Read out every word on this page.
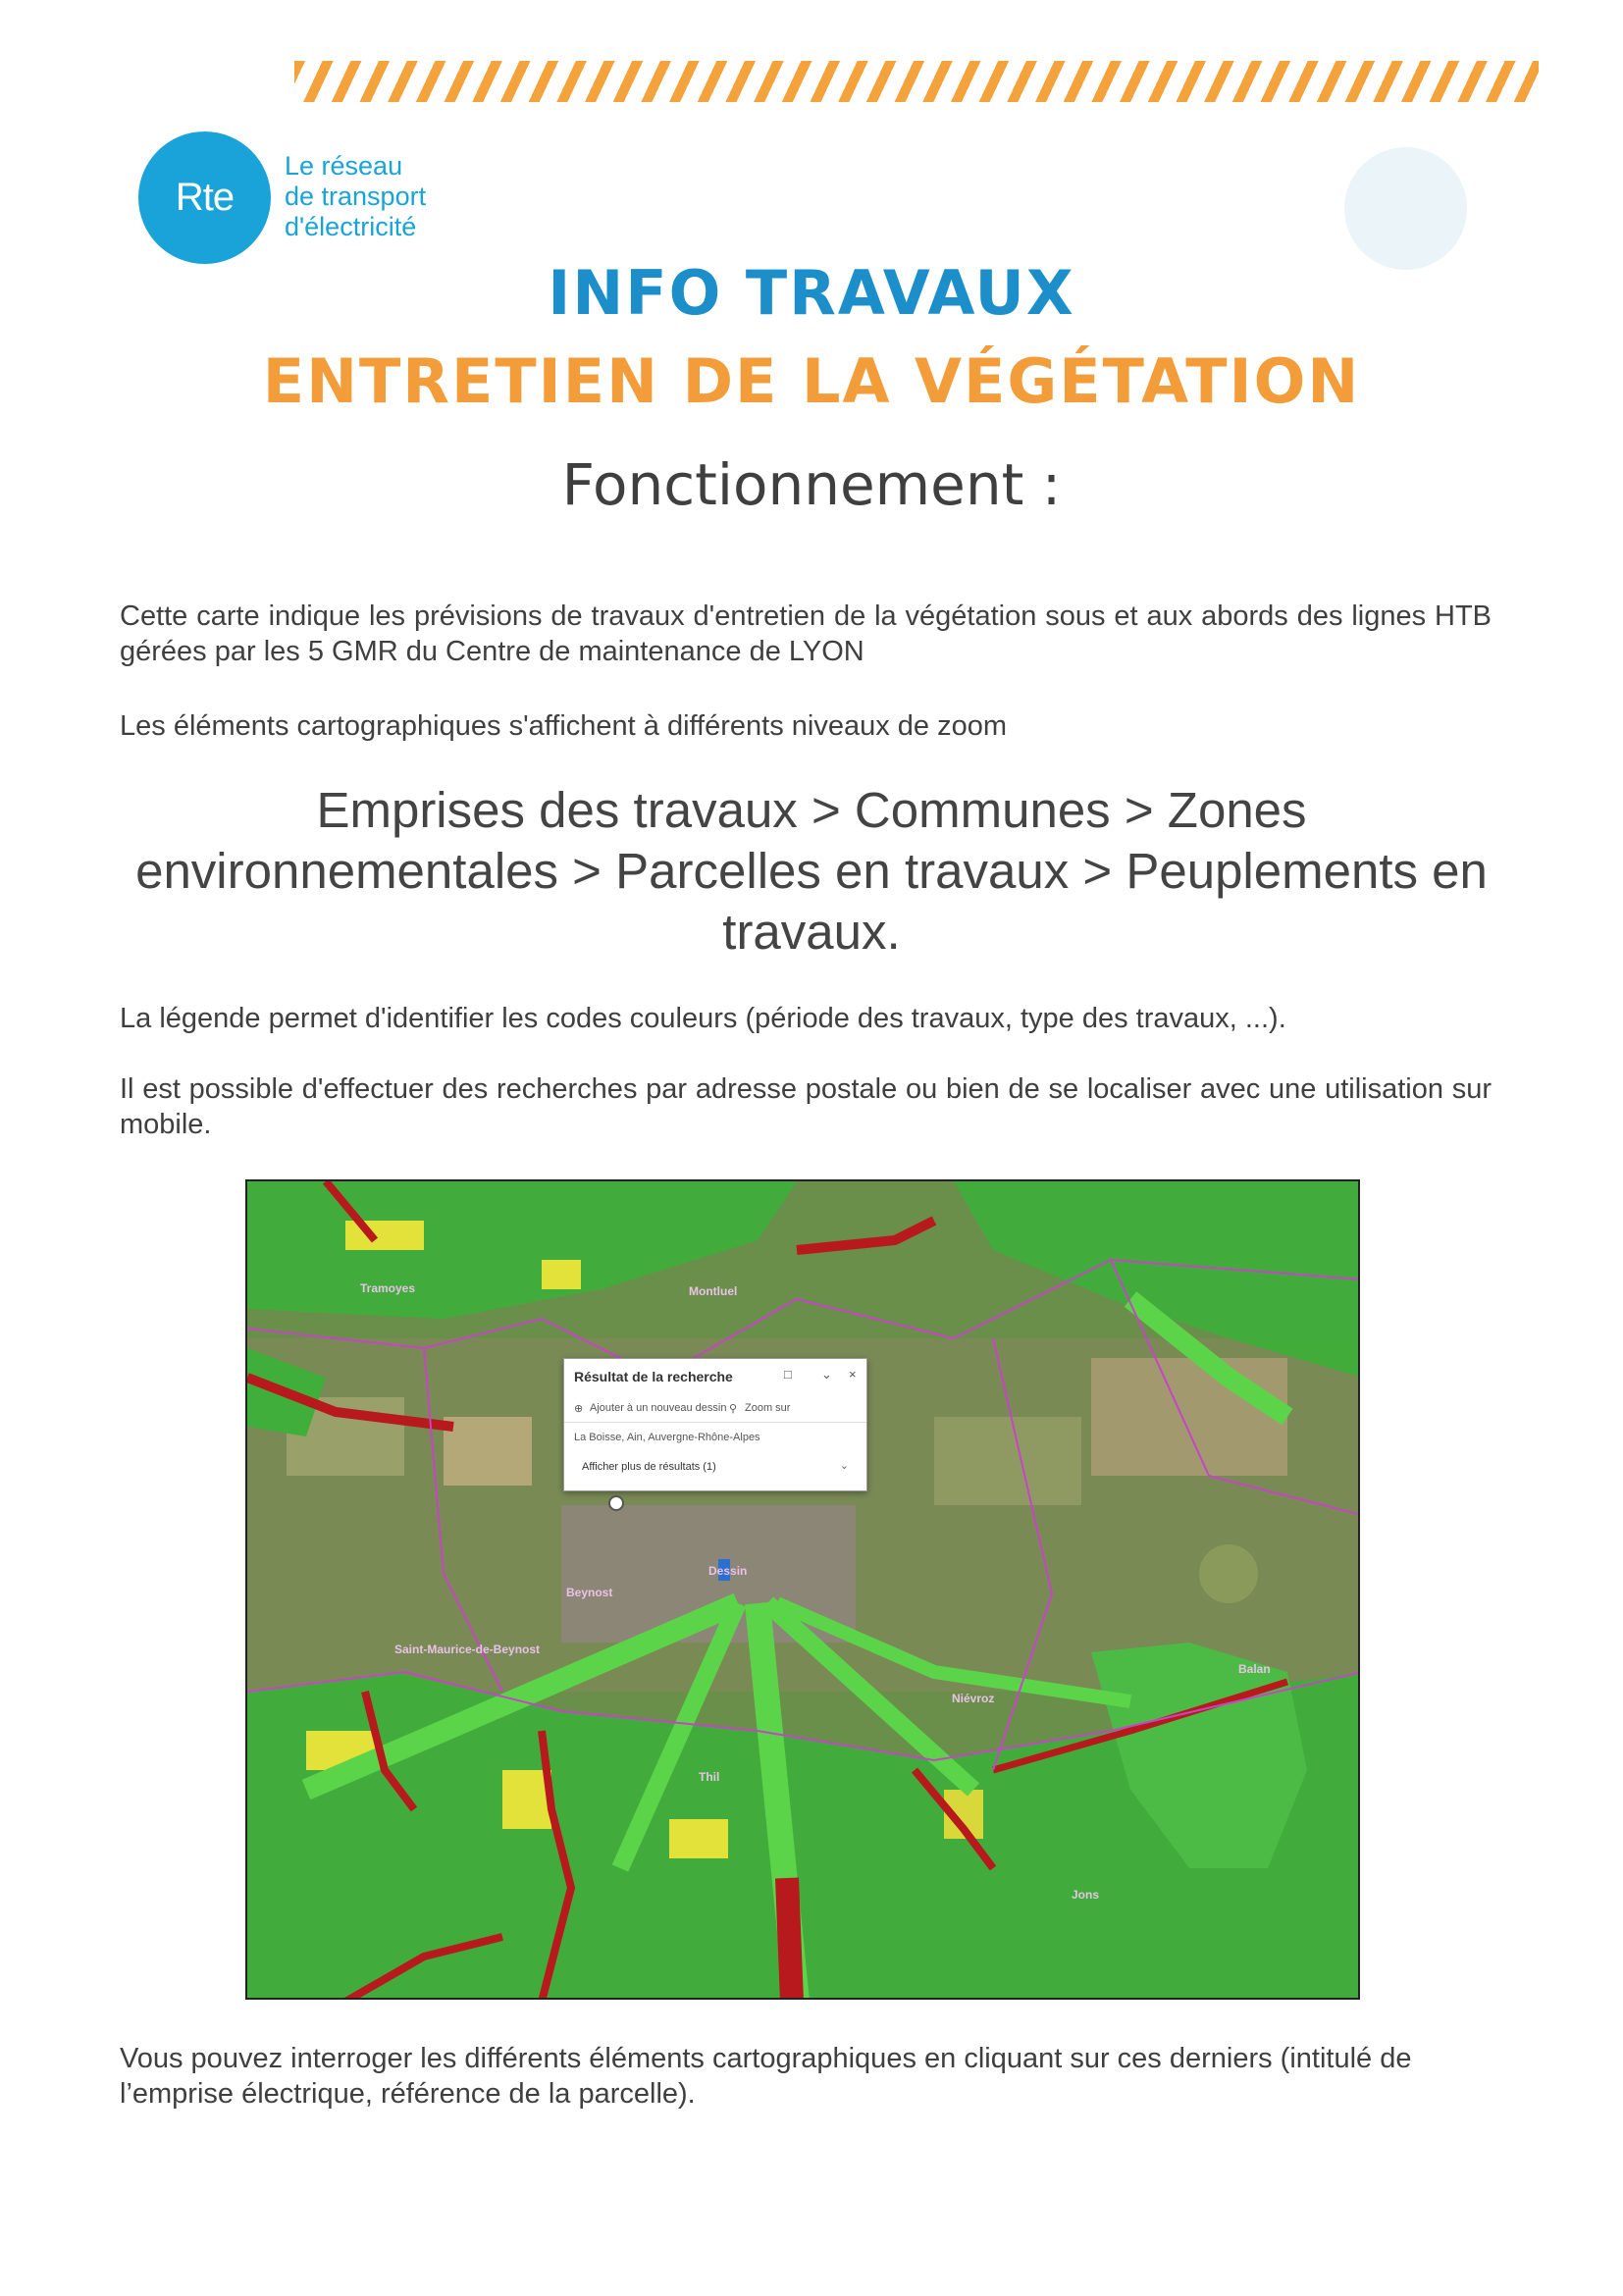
Rte
Le réseau
de transport
d'électricité
INFO TRAVAUX
ENTRETIEN DE LA VÉGÉTATION
Fonctionnement :
Cette carte indique les prévisions de travaux d'entretien de la végétation sous et aux abords des lignes HTB gérées par les 5 GMR du Centre de maintenance de LYON
Les éléments cartographiques s'affichent à différents niveaux de zoom
Emprises des travaux > Communes > Zones environnementales > Parcelles en travaux > Peuplements en travaux.
La légende permet d'identifier les codes couleurs (période des travaux, type des travaux, ...).
Il est possible d'effectuer des recherches par adresse postale ou bien de se localiser avec une utilisation sur mobile.
Résultat de la recherche	□ ⌄ ×
⊕ Ajouter à un nouveau dessin ⚲ Zoom sur
La Boisse, Ain, Auvergne-Rhône-Alpes
Afficher plus de résultats (1)	⌄
Tramoyes	Montluel
Dessin
Beynost
Saint-Maurice-de-Beynost
Thil
Niévroz
Balan
Jons
Vous pouvez interroger les différents éléments cartographiques en cliquant sur ces derniers (intitulé de l’emprise électrique, référence de la parcelle).
